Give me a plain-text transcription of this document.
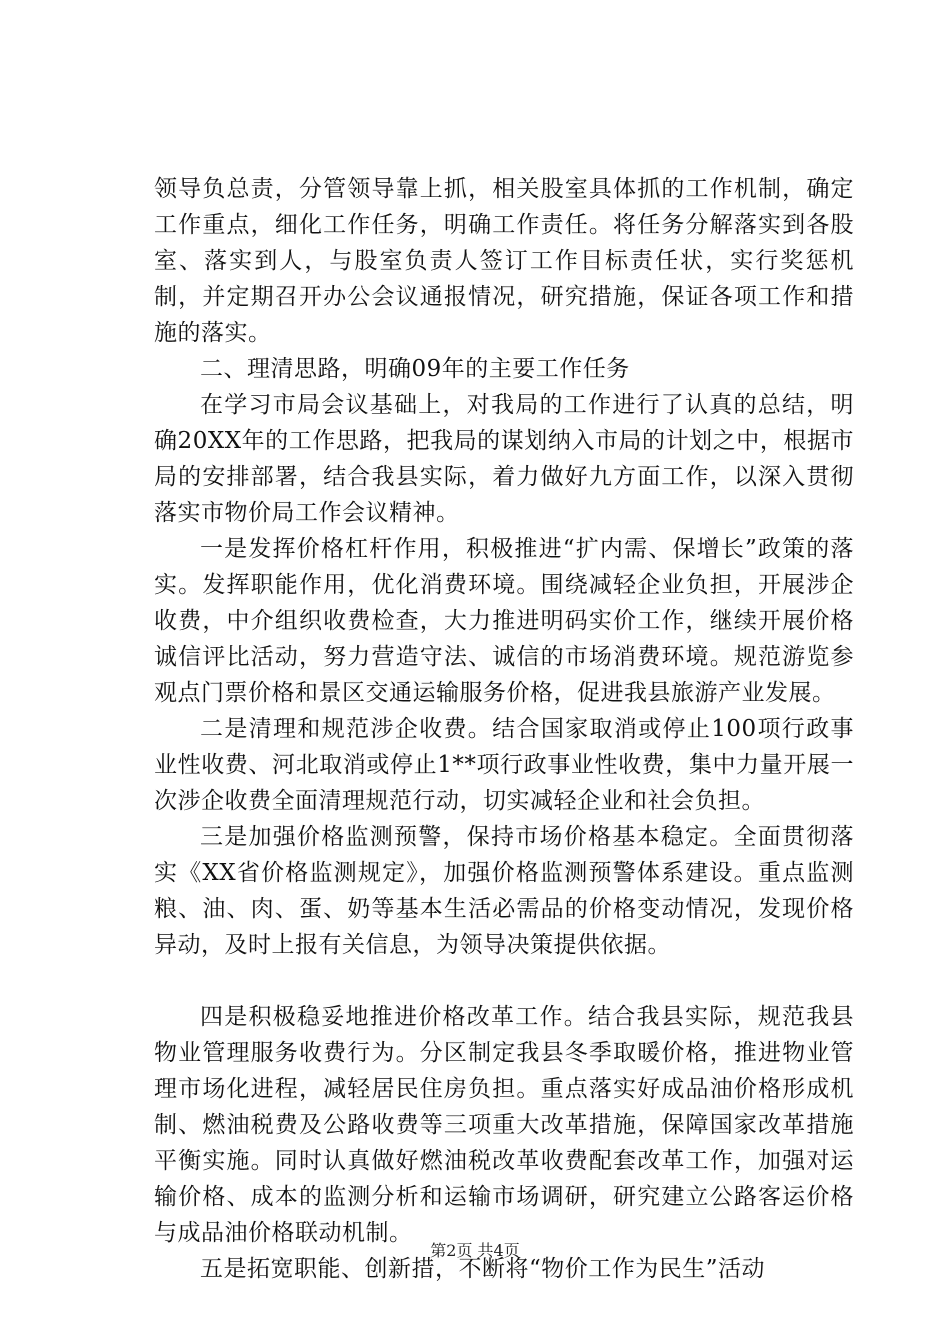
领导负总责，分管领导靠上抓，相关股室具体抓的工作机制，确定工作重点，细化工作任务，明确工作责任。将任务分解落实到各股室、落实到人，与股室负责人签订工作目标责任状，实行奖惩机制，并定期召开办公会议通报情况，研究措施，保证各项工作和措施的落实。

二、理清思路，明确09年的主要工作任务

在学习市局会议基础上，对我局的工作进行了认真的总结，明确20XX年的工作思路，把我局的谋划纳入市局的计划之中，根据市局的安排部署，结合我县实际，着力做好九方面工作，以深入贯彻落实市物价局工作会议精神。

一是发挥价格杠杆作用，积极推进“扩内需、保增长”政策的落实。发挥职能作用，优化消费环境。围绕减轻企业负担，开展涉企收费，中介组织收费检查，大力推进明码实价工作，继续开展价格诚信评比活动，努力营造守法、诚信的市场消费环境。规范游览参观点门票价格和景区交通运输服务价格，促进我县旅游产业发展。

二是清理和规范涉企收费。结合国家取消或停止100项行政事业性收费、河北取消或停止1**项行政事业性收费，集中力量开展一次涉企收费全面清理规范行动，切实减轻企业和社会负担。

三是加强价格监测预警，保持市场价格基本稳定。全面贯彻落实《XX省价格监测规定》，加强价格监测预警体系建设。重点监测粮、油、肉、蛋、奶等基本生活必需品的价格变动情况，发现价格异动，及时上报有关信息，为领导决策提供依据。

四是积极稳妥地推进价格改革工作。结合我县实际，规范我县物业管理服务收费行为。分区制定我县冬季取暖价格，推进物业管理市场化进程，减轻居民住房负担。重点落实好成品油价格形成机制、燃油税费及公路收费等三项重大改革措施，保障国家改革措施平衡实施。同时认真做好燃油税改革收费配套改革工作，加强对运输价格、成本的监测分析和运输市场调研，研究建立公路客运价格与成品油价格联动机制。

五是拓宽职能、创新措，不断将“物价工作为民生”活动

第2页 共4页
